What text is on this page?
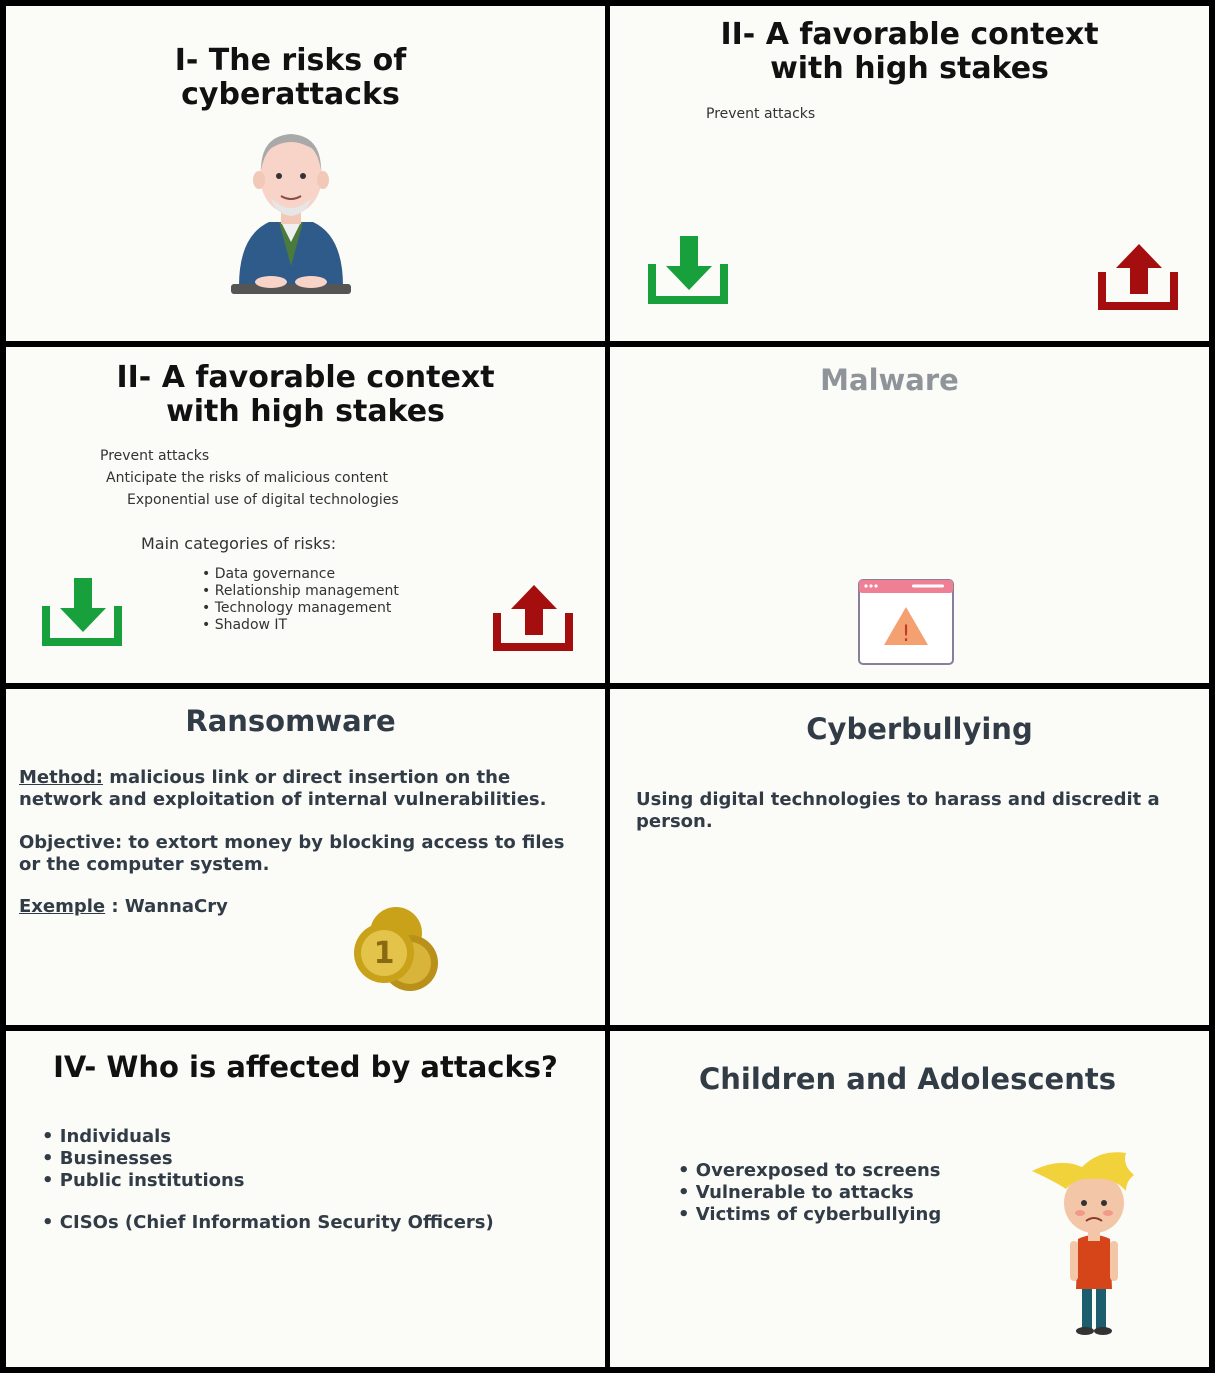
I- The risks of
cyberattacks
II- A favorable context
with high stakes
Prevent attacks
II- A favorable context
with high stakes
Prevent attacks
Anticipate the risks of malicious content
Exponential use of digital technologies
Main categories of risks:
• Data governance
• Relationship management
• Technology management
• Shadow IT
Malware
!
Ransomware
Method: malicious link or direct insertion on the network and exploitation of internal vulnerabilities.
Objective: to extort money by blocking access to files or the computer system.
Exemple : WannaCry
1
Cyberbullying
Using digital technologies to harass and discredit a person.
IV- Who is affected by attacks?
• Individuals
• Businesses
• Public institutions
• CISOs (Chief Information Security Officers)
Children and Adolescents
• Overexposed to screens
• Vulnerable to attacks
• Victims of cyberbullying
